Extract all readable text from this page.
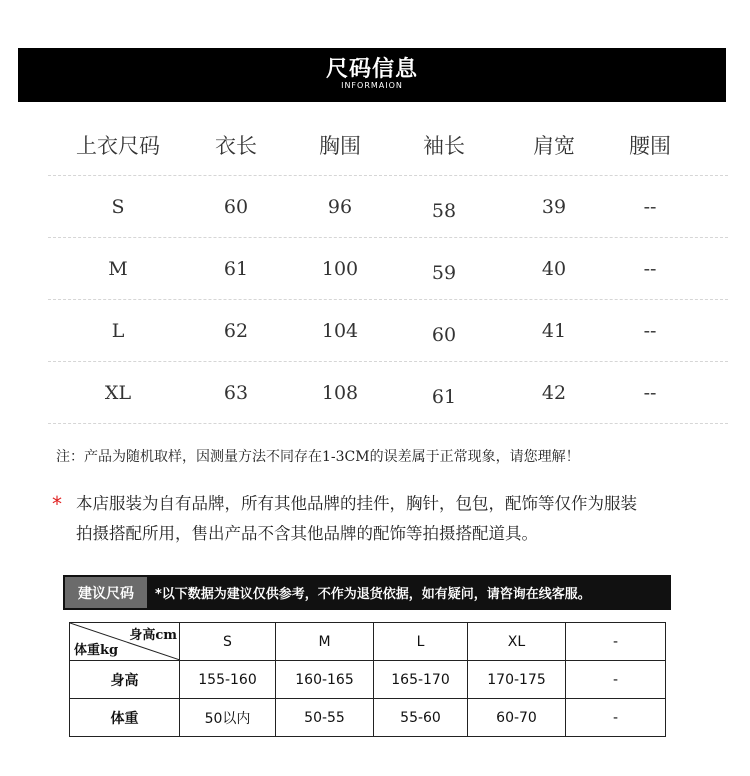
尺码信息
INFORMAION
上衣尺码	衣长	胸围	袖长	肩宽	腰围
S	60	96	58	39	--
M	61	100	59	40	--
L	62	104	60	41	--
XL	63	108	61	42	--
注：产品为随机取样，因测量方法不同存在1-3CM的误差属于正常现象，请您理解！
* 本店服装为自有品牌，所有其他品牌的挂件，胸针，包包，配饰等仅作为服装
拍摄搭配所用，售出产品不含其他品牌的配饰等拍摄搭配道具。
建议尺码	*以下数据为建议仅供参考，不作为退货依据，如有疑问，请咨询在线客服。
身高cm
体重kg	S	M	L	XL	-
身高	155-160	160-165	165-170	170-175	-
体重	50以内	50-55	55-60	60-70	-
